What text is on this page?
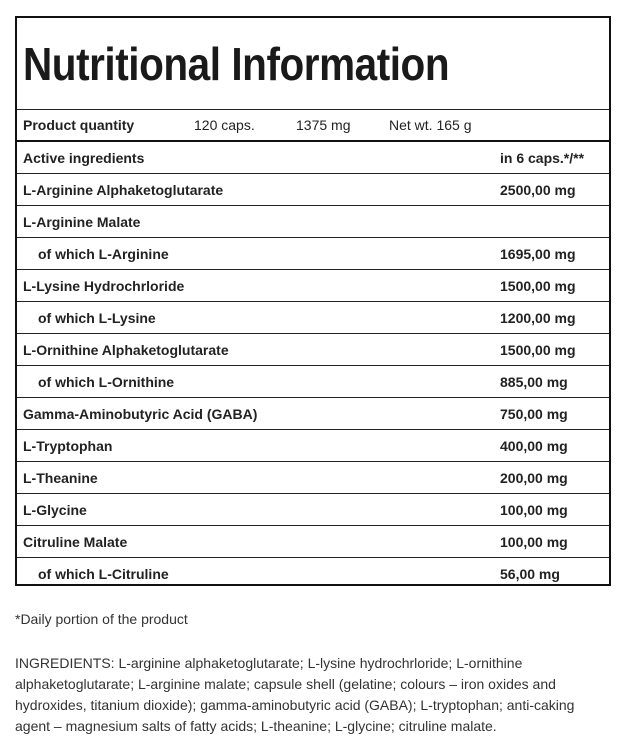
Nutritional Information
Product quantity	120 caps.	1375 mg	Net wt. 165 g
Active ingredients	in 6 caps.*/**
L-Arginine Alphaketoglutarate	2500,00 mg
L-Arginine Malate
of which L-Arginine	1695,00 mg
L-Lysine Hydrochrloride	1500,00 mg
of which L-Lysine	1200,00 mg
L-Ornithine Alphaketoglutarate	1500,00 mg
of which L-Ornithine	885,00 mg
Gamma-Aminobutyric Acid (GABA)	750,00 mg
L-Tryptophan	400,00 mg
L-Theanine	200,00 mg
L-Glycine	100,00 mg
Citruline Malate	100,00 mg
of which L-Citruline	56,00 mg
*Daily portion of the product
INGREDIENTS: L-arginine alphaketoglutarate; L-lysine hydrochrloride; L-ornithine alphaketoglutarate; L-arginine malate; capsule shell (gelatine; colours – iron oxides and hydroxides, titanium dioxide); gamma-aminobutyric acid (GABA); L-tryptophan; anti-caking agent – magnesium salts of fatty acids; L-theanine; L-glycine; citruline malate.
